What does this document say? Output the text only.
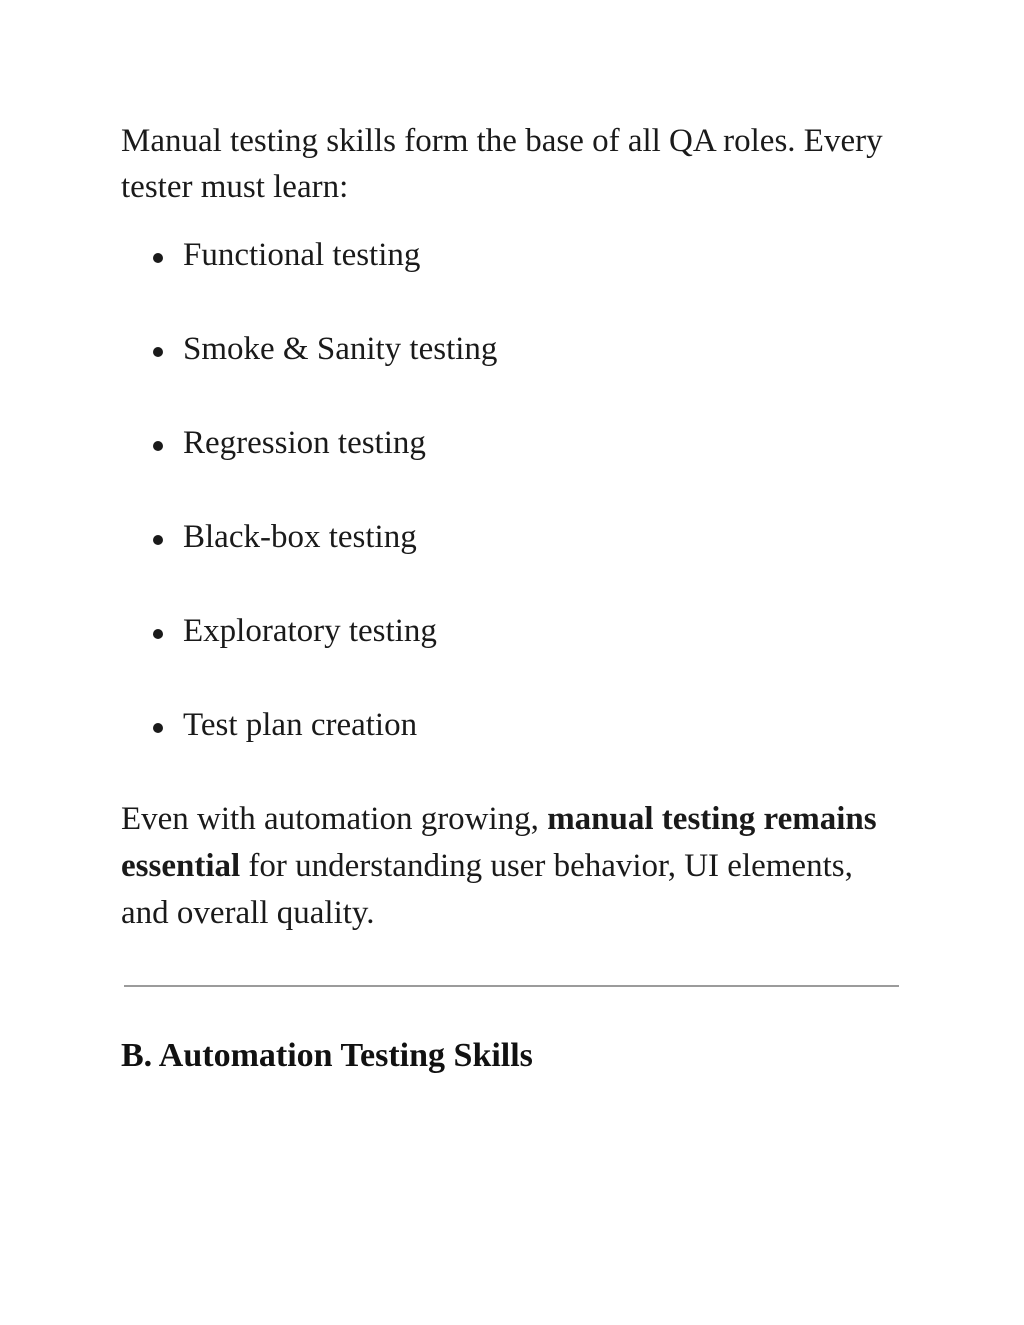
Manual testing skills form the base of all QA roles. Every
tester must learn:

Functional testing
Smoke & Sanity testing
Regression testing
Black-box testing
Exploratory testing
Test plan creation

Even with automation growing, manual testing remains
essential for understanding user behavior, UI elements,
and overall quality.

B. Automation Testing Skills
